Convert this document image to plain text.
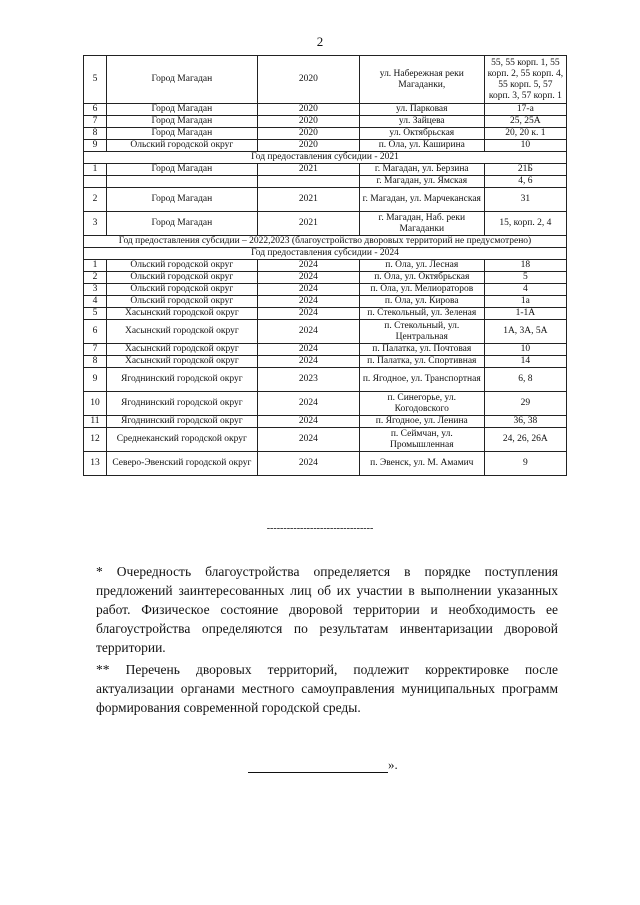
2
5	Город Магадан	2020	ул. Набережная реки Магаданки,	55, 55 корп. 1, 55 корп. 2, 55 корп. 4, 55 корп. 5, 57 корп. 3, 57 корп. 1
6	Город Магадан	2020	ул. Парковая	17-а
7	Город Магадан	2020	ул. Зайцева	25, 25А
8	Город Магадан	2020	ул. Октябрьская	20, 20 к. 1
9	Ольский городской округ	2020	п. Ола, ул. Каширина	10
Год предоставления субсидии - 2021				
1	Город Магадан	2021	г. Магадан, ул. Берзина	21Б
			г. Магадан, ул. Ямская	4, 6
2	Город Магадан	2021	г. Магадан, ул. Марчеканская	31
3	Город Магадан	2021	г. Магадан, Наб. реки Магаданки	15, корп. 2, 4
Год предоставления субсидии – 2022,2023 (благоустройство дворовых территорий не предусмотрено)				
Год предоставления субсидии - 2024				
1	Ольский городской округ	2024	п. Ола, ул. Лесная	18
2	Ольский городской округ	2024	п. Ола, ул. Октябрьская	5
3	Ольский городской округ	2024	п. Ола, ул. Мелиораторов	4
4	Ольский городской округ	2024	п. Ола, ул. Кирова	1а
5	Хасынский городской округ	2024	п. Стекольный, ул. Зеленая	1-1А
6	Хасынский городской округ	2024	п. Стекольный, ул. Центральная	1А, 3А, 5А
7	Хасынский городской округ	2024	п. Палатка, ул. Почтовая	10
8	Хасынский городской округ	2024	п. Палатка, ул. Спортивная	14
9	Ягоднинский городской округ	2023	п. Ягодное, ул. Транспортная	6, 8
10	Ягоднинский городской округ	2024	п. Синегорье, ул. Когодовского	29
11	Ягоднинский городской округ	2024	п. Ягодное, ул. Ленина	36, 38
12	Среднеканский городской округ	2024	п. Сеймчан, ул. Промышленная	24, 26, 26А
13	Северо-Эвенский городской округ	2024	п. Эвенск, ул. М. Амамич	9
--------------------------------
* Очередность благоустройства определяется в порядке поступления предложений заинтересованных лиц об их участии в выполнении указанных работ. Физическое состояние дворовой территории и необходимость ее благоустройства определяются по результатам инвентаризации дворовой территории.
** Перечень дворовых территорий, подлежит корректировке после актуализации органами местного самоуправления муниципальных программ формирования современной городской среды.
».
